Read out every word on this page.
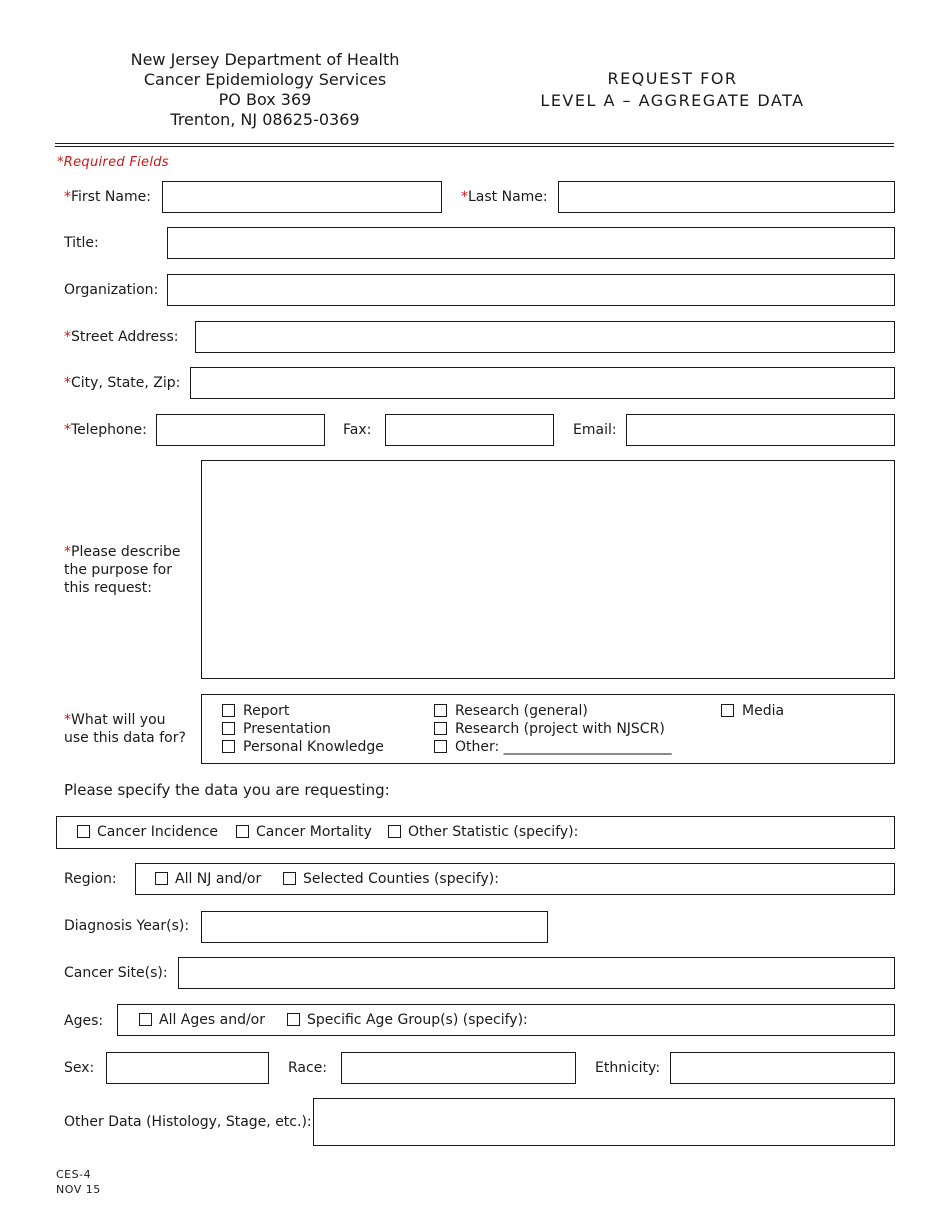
New Jersey Department of Health
Cancer Epidemiology Services
PO Box 369
Trenton, NJ 08625-0369
REQUEST FOR
LEVEL A – AGGREGATE DATA
*Required Fields
*First Name:	*Last Name:
Title:
Organization:
*Street Address:
*City, State, Zip:
*Telephone:	Fax:	Email:
*Please describe
the purpose for
this request:
*What will you
use this data for?
Report
Presentation
Personal Knowledge
Research (general)
Research (project with NJSCR)
Other: ________________________
Media
Please specify the data you are requesting:
Cancer Incidence	Cancer Mortality	Other Statistic (specify):
Region:	All NJ and/or	Selected Counties (specify):
Diagnosis Year(s):
Cancer Site(s):
Ages:	All Ages and/or	Specific Age Group(s) (specify):
Sex:	Race:	Ethnicity:
Other Data (Histology, Stage, etc.):
CES-4
NOV 15
